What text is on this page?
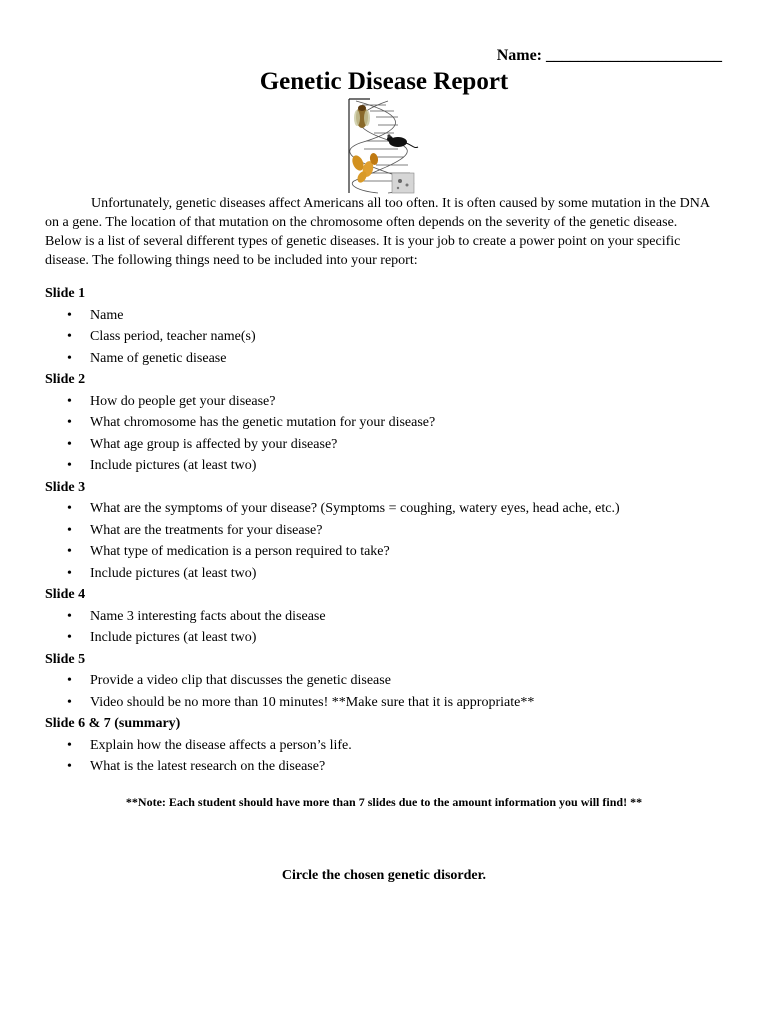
Name: ______________________
Genetic Disease Report

Unfortunately, genetic diseases affect Americans all too often. It is often caused by some mutation in the DNA on a gene. The location of that mutation on the chromosome often depends on the severity of the genetic disease. Below is a list of several different types of genetic diseases. It is your job to create a power point on your specific disease. The following things need to be included into your report:

Slide 1

• Name
• Class period, teacher name(s)
• Name of genetic disease

Slide 2

• How do people get your disease?
• What chromosome has the genetic mutation for your disease?
• What age group is affected by your disease?
• Include pictures (at least two)

Slide 3

• What are the symptoms of your disease? (Symptoms = coughing, watery eyes, head ache, etc.)
• What are the treatments for your disease?
• What type of medication is a person required to take?
• Include pictures (at least two)

Slide 4

• Name 3 interesting facts about the disease
• Include pictures (at least two)

Slide 5

• Provide a video clip that discusses the genetic disease
• Video should be no more than 10 minutes! **Make sure that it is appropriate**

Slide 6 & 7 (summary)

• Explain how the disease affects a person’s life.
• What is the latest research on the disease?
**Note: Each student should have more than 7 slides due to the amount information you will find! **
Circle the chosen genetic disorder.
